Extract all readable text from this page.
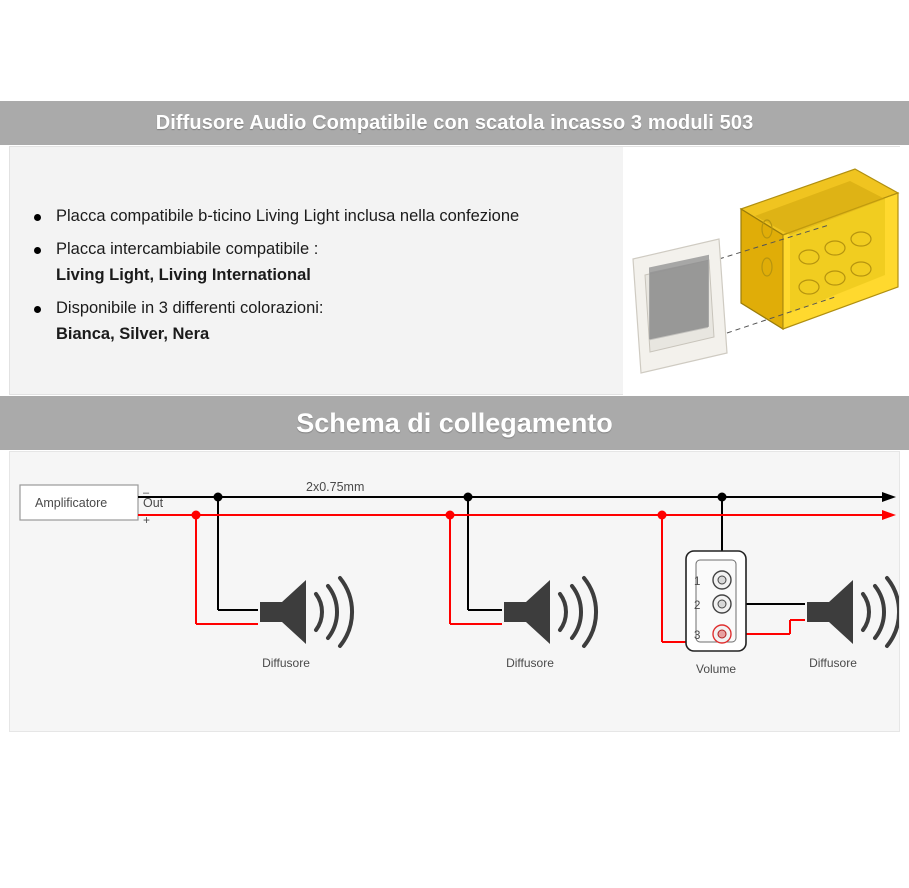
Diffusore Audio Compatibile con scatola incasso 3 moduli 503
Placca compatibile b-ticino Living Light inclusa nella confezione
Placca intercambiabile compatibile :
Living Light, Living International
Disponibile in 3 differenti colorazioni:
Bianca, Silver, Nera
Schema di collegamento
Amplificatore	Out
–
+
2x0.75mm
Diffusore	Diffusore
1
2
3
Volume	Diffusore
